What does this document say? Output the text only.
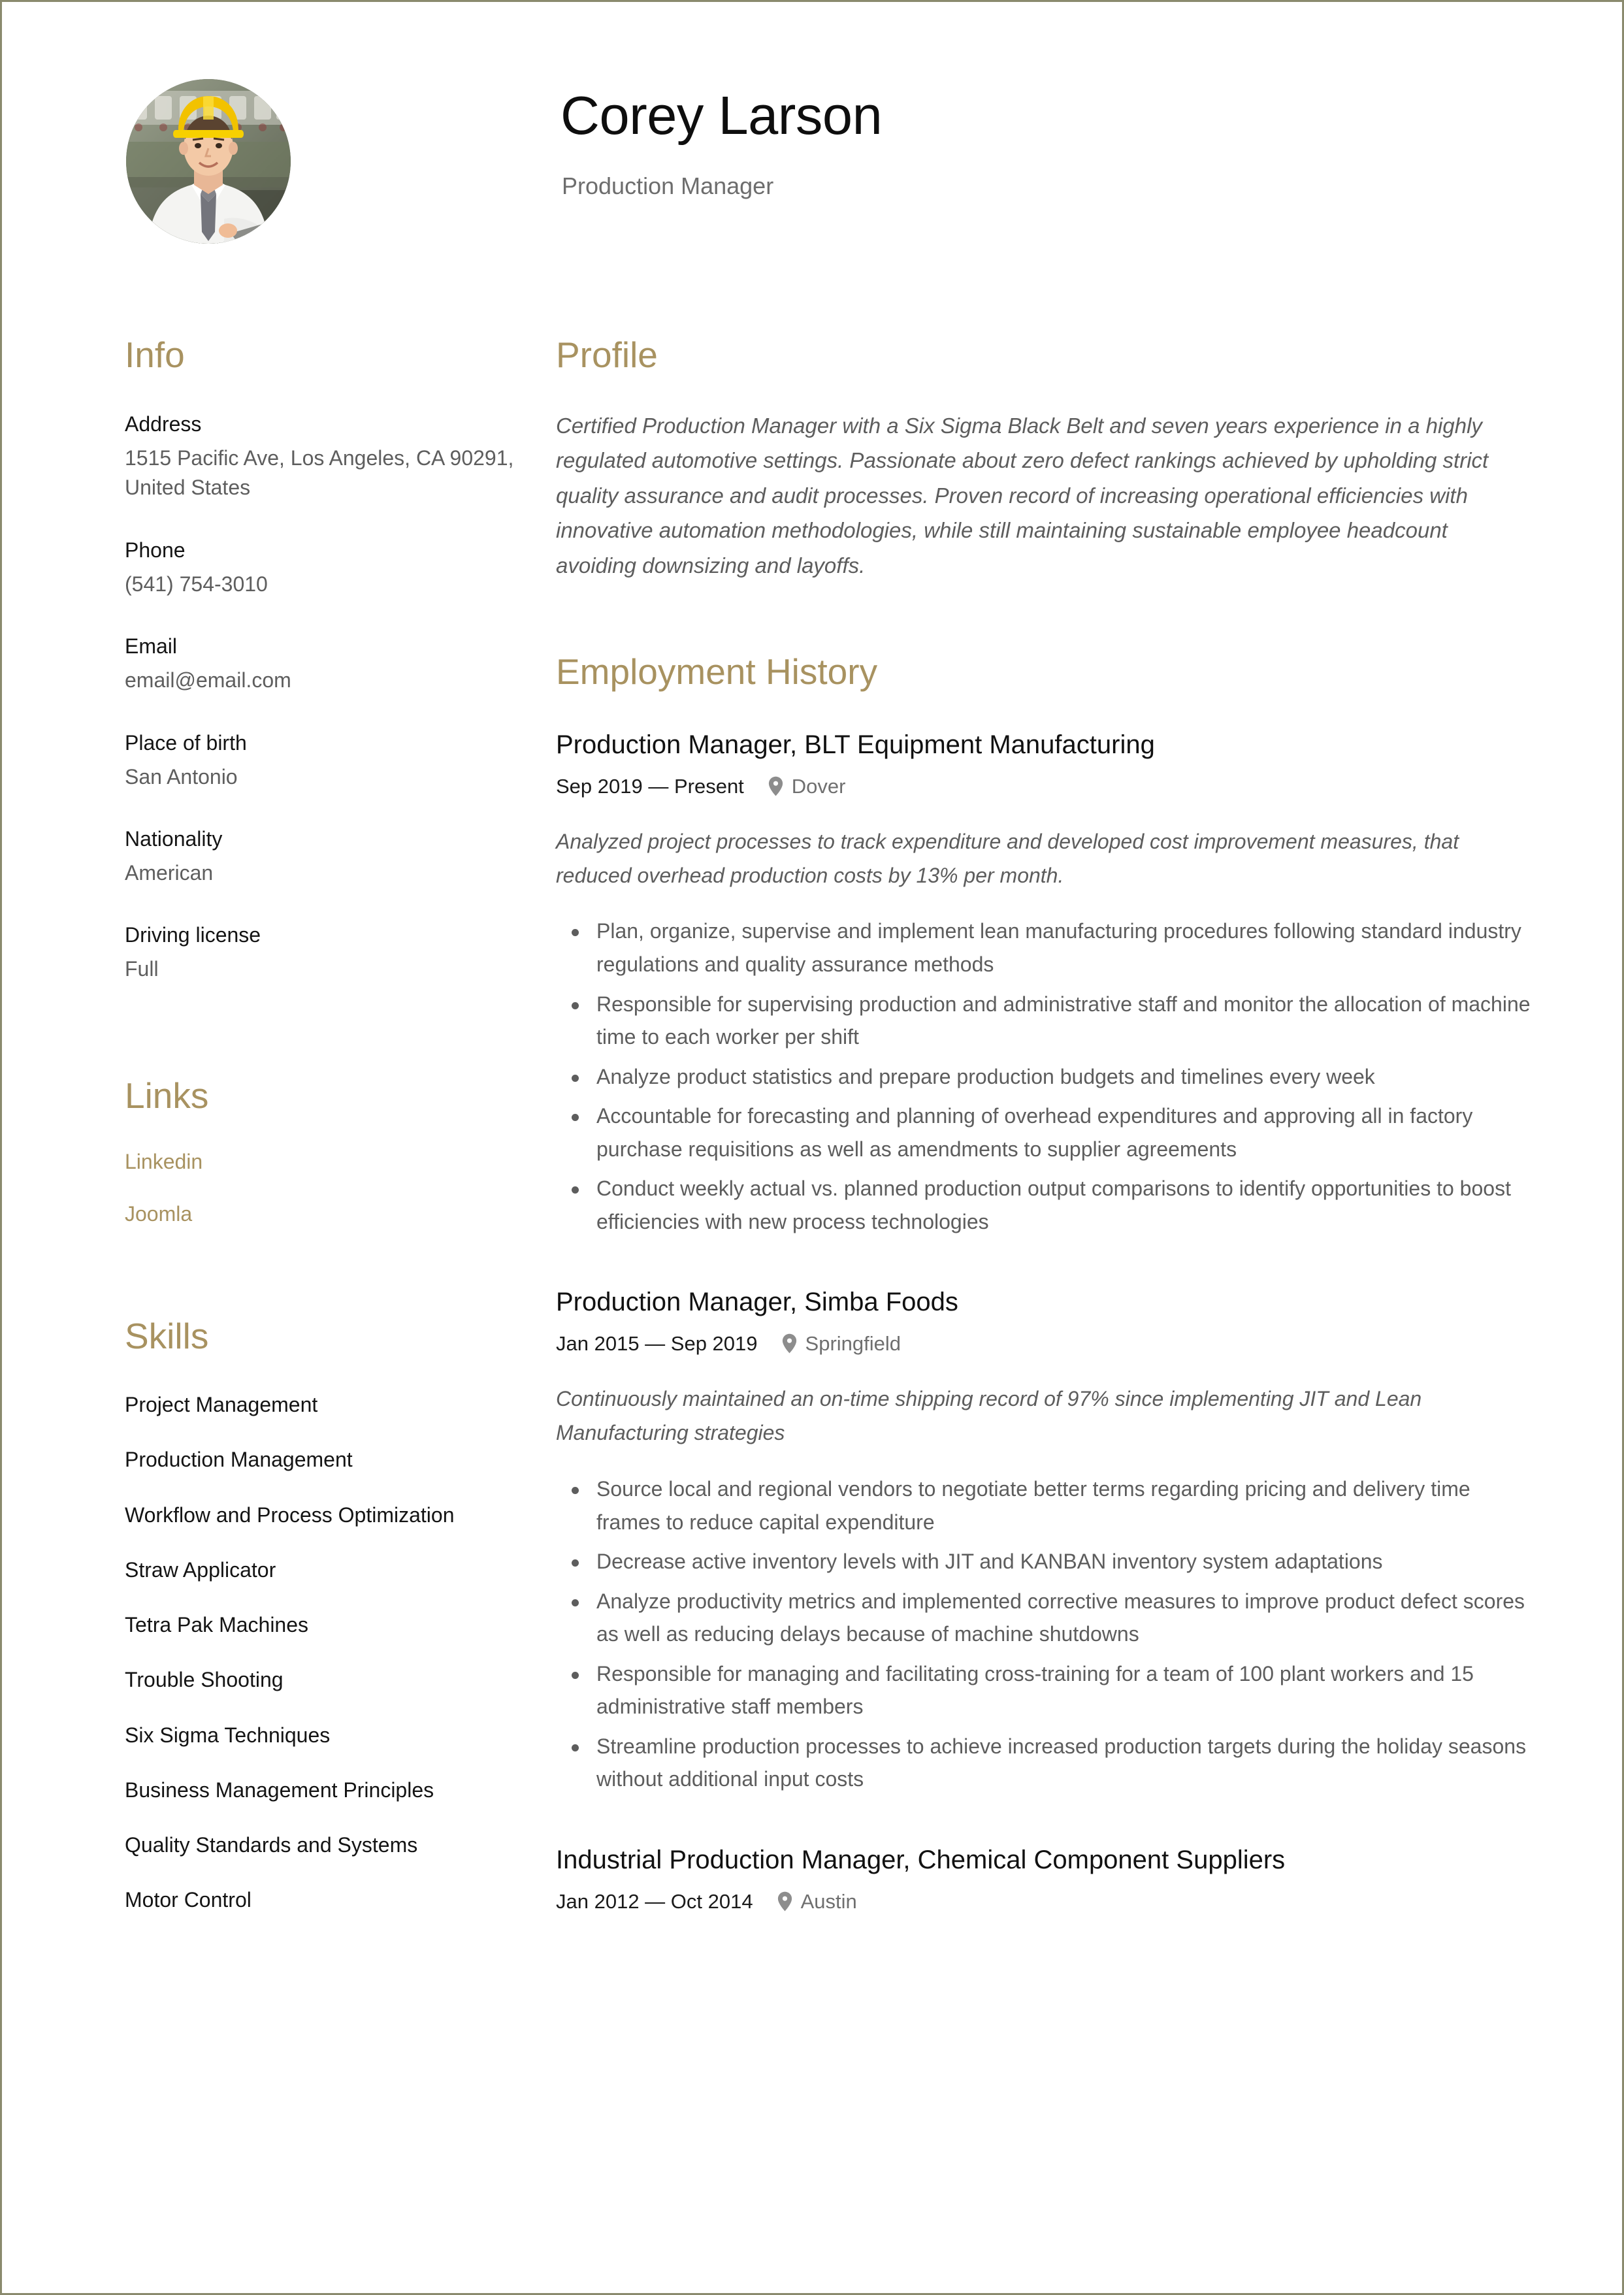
Corey Larson
Production Manager
Info
Address
1515 Pacific Ave, Los Angeles, CA 90291, United States
Phone
(541) 754-3010
Email
email@email.com
Place of birth
San Antonio
Nationality
American
Driving license
Full
Links
Linkedin
Joomla
Skills
Project Management
Production Management
Workflow and Process Optimization
Straw Applicator
Tetra Pak Machines
Trouble Shooting
Six Sigma Techniques
Business Management Principles
Quality Standards and Systems
Motor Control
Profile

Certified Production Manager with a Six Sigma Black Belt and seven years experience in a highly regulated automotive settings. Passionate about zero defect rankings achieved by upholding strict quality assurance and audit processes. Proven record of increasing operational efficiencies with innovative automation methodologies, while still maintaining sustainable employee headcount avoiding downsizing and layoffs.

Employment History
Production Manager, BLT Equipment Manufacturing
Sep 2019 — Present Dover

Analyzed project processes to track expenditure and developed cost improvement measures, that reduced overhead production costs by 13% per month.

Plan, organize, supervise and implement lean manufacturing procedures following standard industry regulations and quality assurance methods
Responsible for supervising production and administrative staff and monitor the allocation of machine time to each worker per shift
Analyze product statistics and prepare production budgets and timelines every week
Accountable for forecasting and planning of overhead expenditures and approving all in factory purchase requisitions as well as amendments to supplier agreements
Conduct weekly actual vs. planned production output comparisons to identify opportunities to boost efficiencies with new process technologies
Production Manager, Simba Foods
Jan 2015 — Sep 2019 Springfield

Continuously maintained an on-time shipping record of 97% since implementing JIT and Lean Manufacturing strategies

Source local and regional vendors to negotiate better terms regarding pricing and delivery time frames to reduce capital expenditure
Decrease active inventory levels with JIT and KANBAN inventory system adaptations
Analyze productivity metrics and implemented corrective measures to improve product defect scores as well as reducing delays because of machine shutdowns
Responsible for managing and facilitating cross-training for a team of 100 plant workers and 15 administrative staff members
Streamline production processes to achieve increased production targets during the holiday seasons without additional input costs
Industrial Production Manager, Chemical Component Suppliers
Jan 2012 — Oct 2014 Austin
